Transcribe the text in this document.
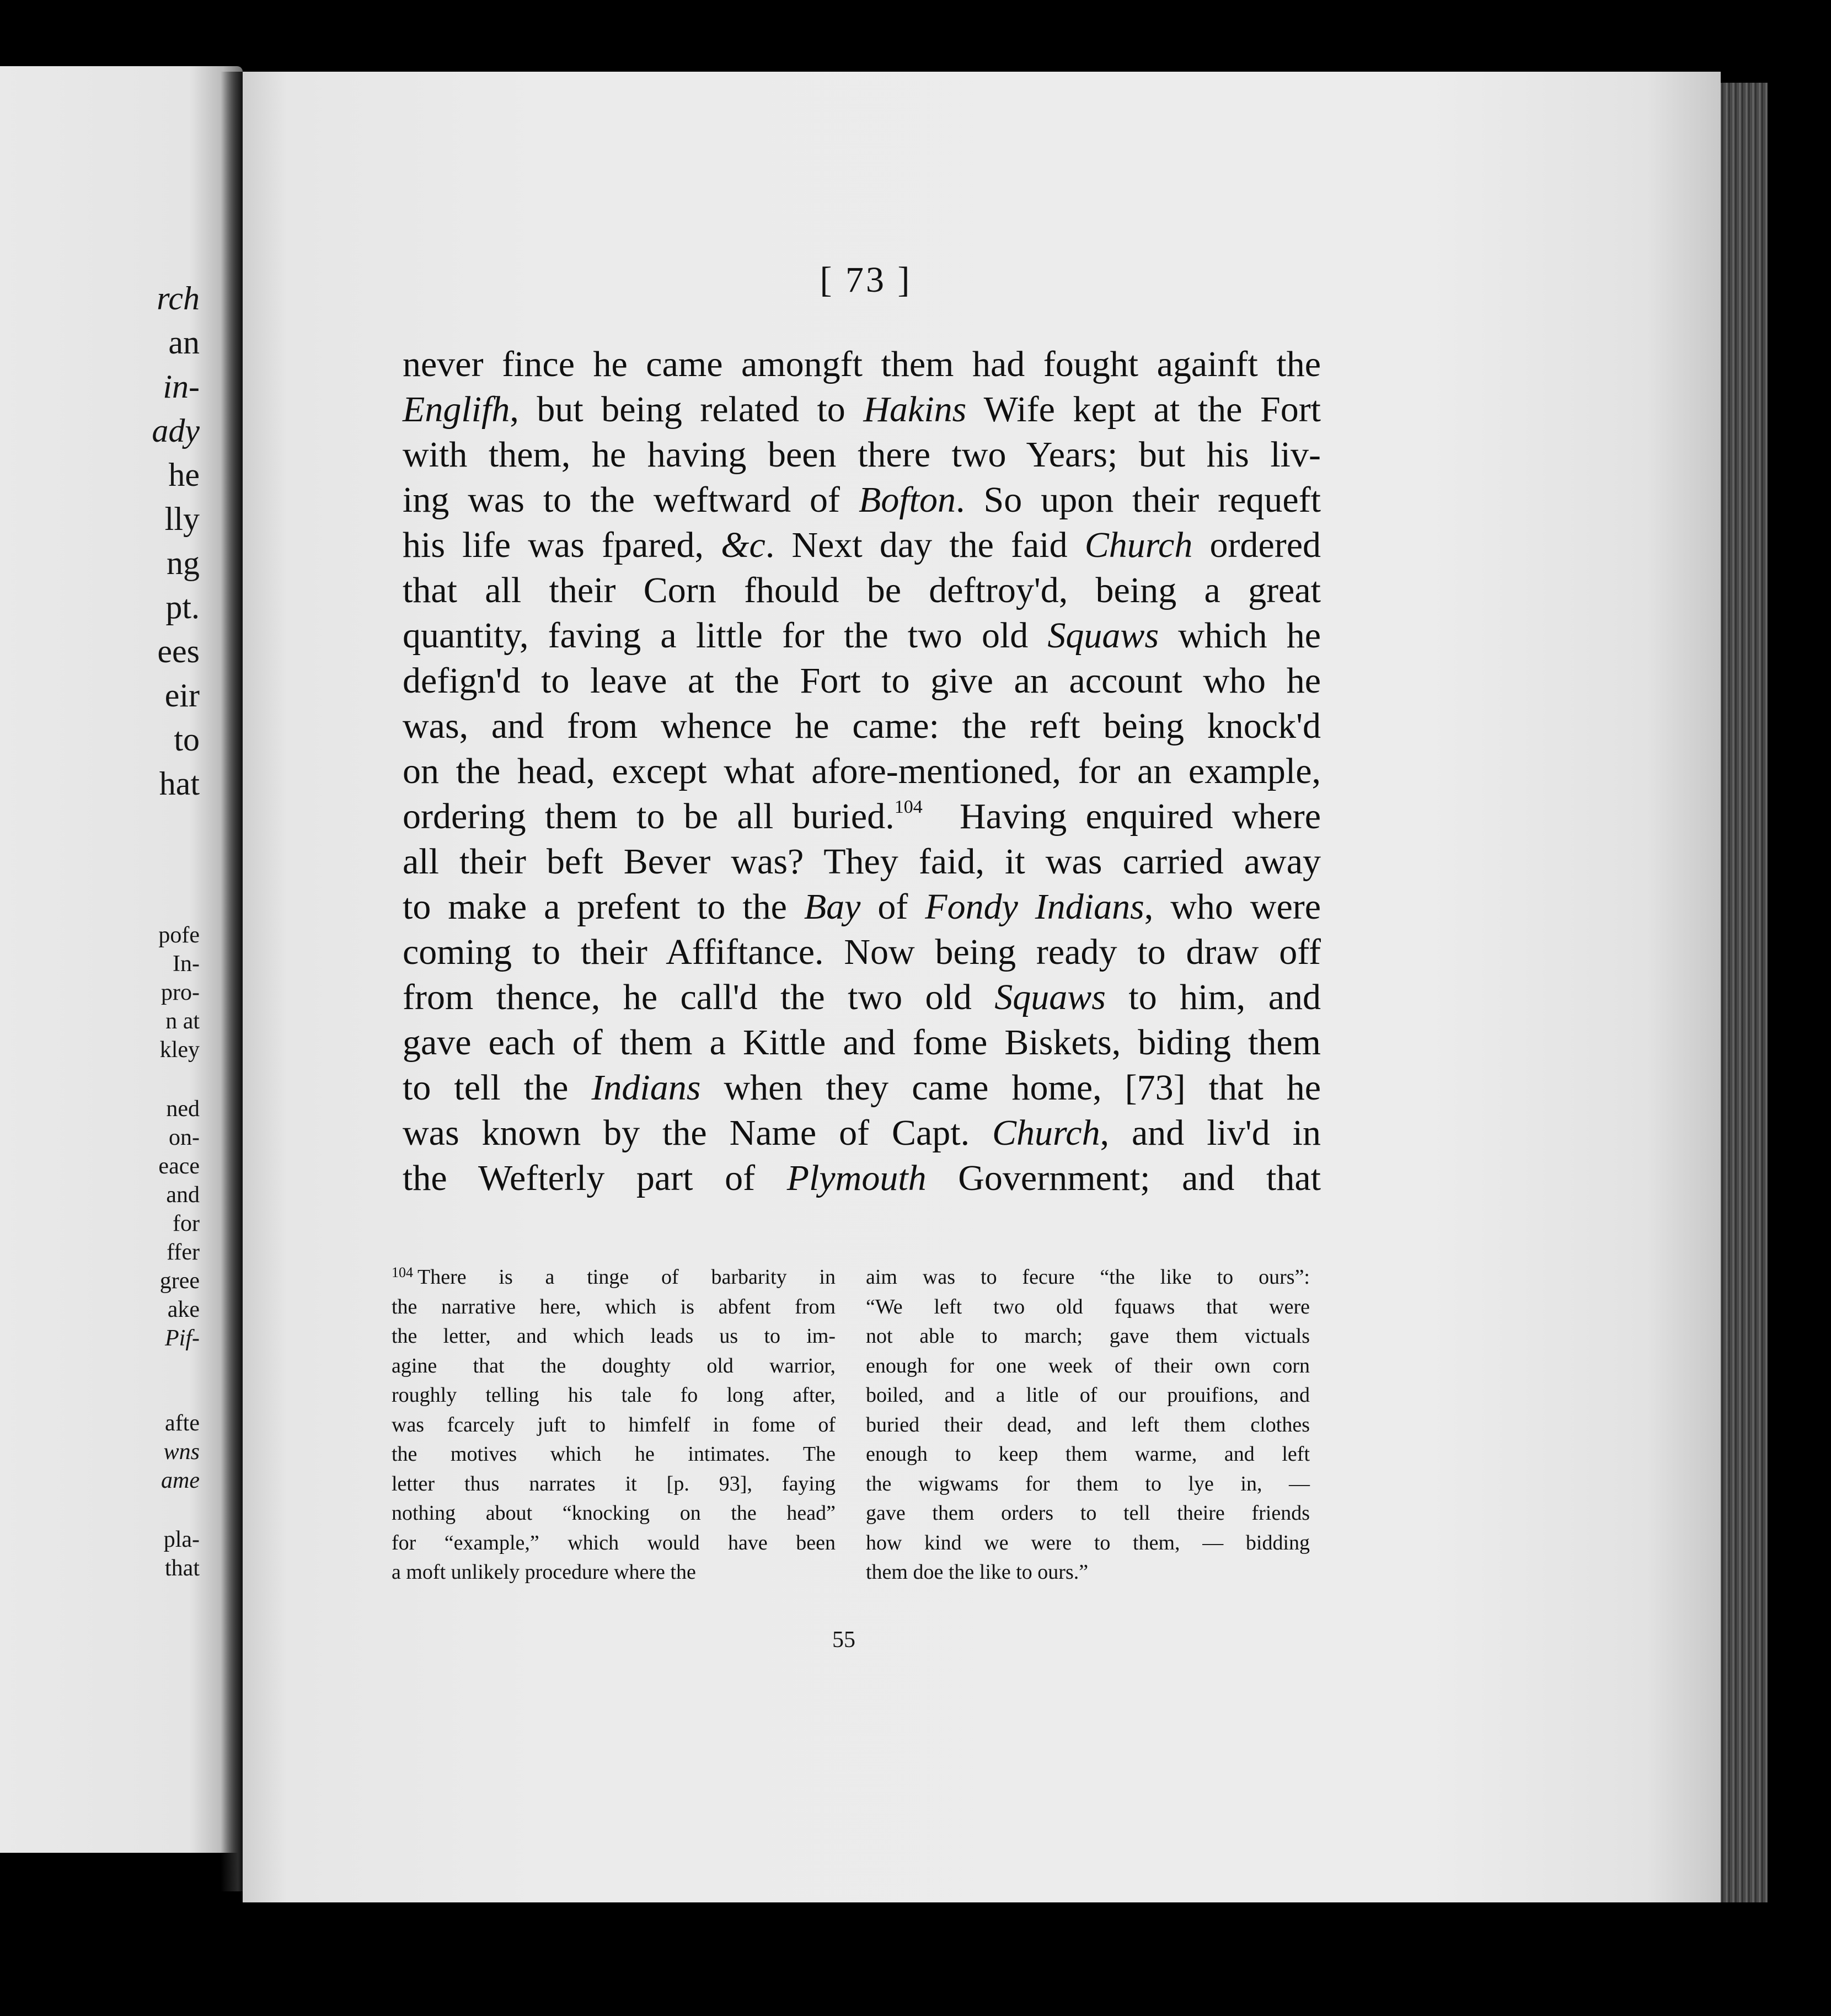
rch
an
in-
ady
he
lly
ng
pt.
ees
eir
to
hat
pofe
In-
pro-
n at
kley
ned
on-
eace
and
for
ffer
gree
ake
Pif-
afte
wns
ame
pla-
that
[ 73 ]
never fince he came amongft them had fought againft the
Englifh, but being related to Hakins Wife kept at the Fort
with them, he having been there two Years; but his liv-
ing was to the weftward of Bofton. So upon their requeft
his life was fpared, &c. Next day the faid Church ordered
that all their Corn fhould be deftroy'd, being a great
quantity, faving a little for the two old Squaws which he
defign'd to leave at the Fort to give an account who he
was, and from whence he came: the reft being knock'd
on the head, except what afore-mentioned, for an example,
ordering them to be all buried.$^{104}$  Having enquired where
all their beft Bever was? They faid, it was carried away
to make a prefent to the Bay of Fondy Indians, who were
coming to their Affiftance. Now being ready to draw off
from thence, he call'd the two old Squaws to him, and
gave each of them a Kittle and fome Biskets, biding them
to tell the Indians when they came home, [73] that he
was known by the Name of Capt. Church, and liv'd in
the Wefterly part of Plymouth Government; and that
$^{104}$ There is a tinge of barbarity in
the narrative here, which is abfent from
the letter, and which leads us to im-
agine that the doughty old warrior,
roughly telling his tale fo long after,
was fcarcely juft to himfelf in fome of
the motives which he intimates. The
letter thus narrates it [p. 93], faying
nothing about “knocking on the head”
for “example,” which would have been
a moft unlikely procedure where the
aim was to fecure “the like to ours”:
“We left two old fquaws that were
not able to march; gave them victuals
enough for one week of their own corn
boiled, and a litle of our prouifions, and
buried their dead, and left them clothes
enough to keep them warme, and left
the wigwams for them to lye in, —
gave them orders to tell theire friends
how kind we were to them, — bidding
them doe the like to ours.”
55
